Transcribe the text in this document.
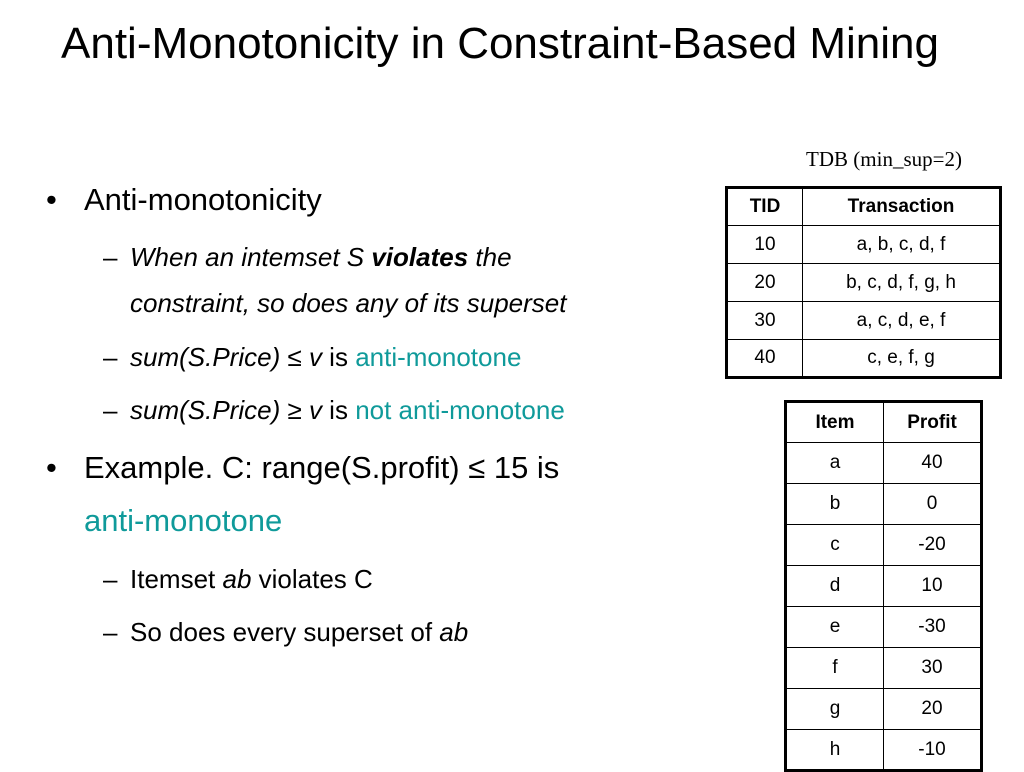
Anti-Monotonicity in Constraint-Based Mining
TDB (min_sup=2)
TID	Transaction
10	a, b, c, d, f
20	b, c, d, f, g, h
30	a, c, d, e, f
40	c, e, f, g
Item	Profit
a	40
b	0
c	-20
d	10
e	-30
f	30
g	20
h	-10
• Anti-monotonicity
– When an intemset S violates the
constraint, so does any of its superset
– sum(S.Price) ≤ v is anti-monotone
– sum(S.Price) ≥ v is not anti-monotone
• Example. C: range(S.profit) ≤ 15 is
anti-monotone
– Itemset ab violates C
– So does every superset of ab
